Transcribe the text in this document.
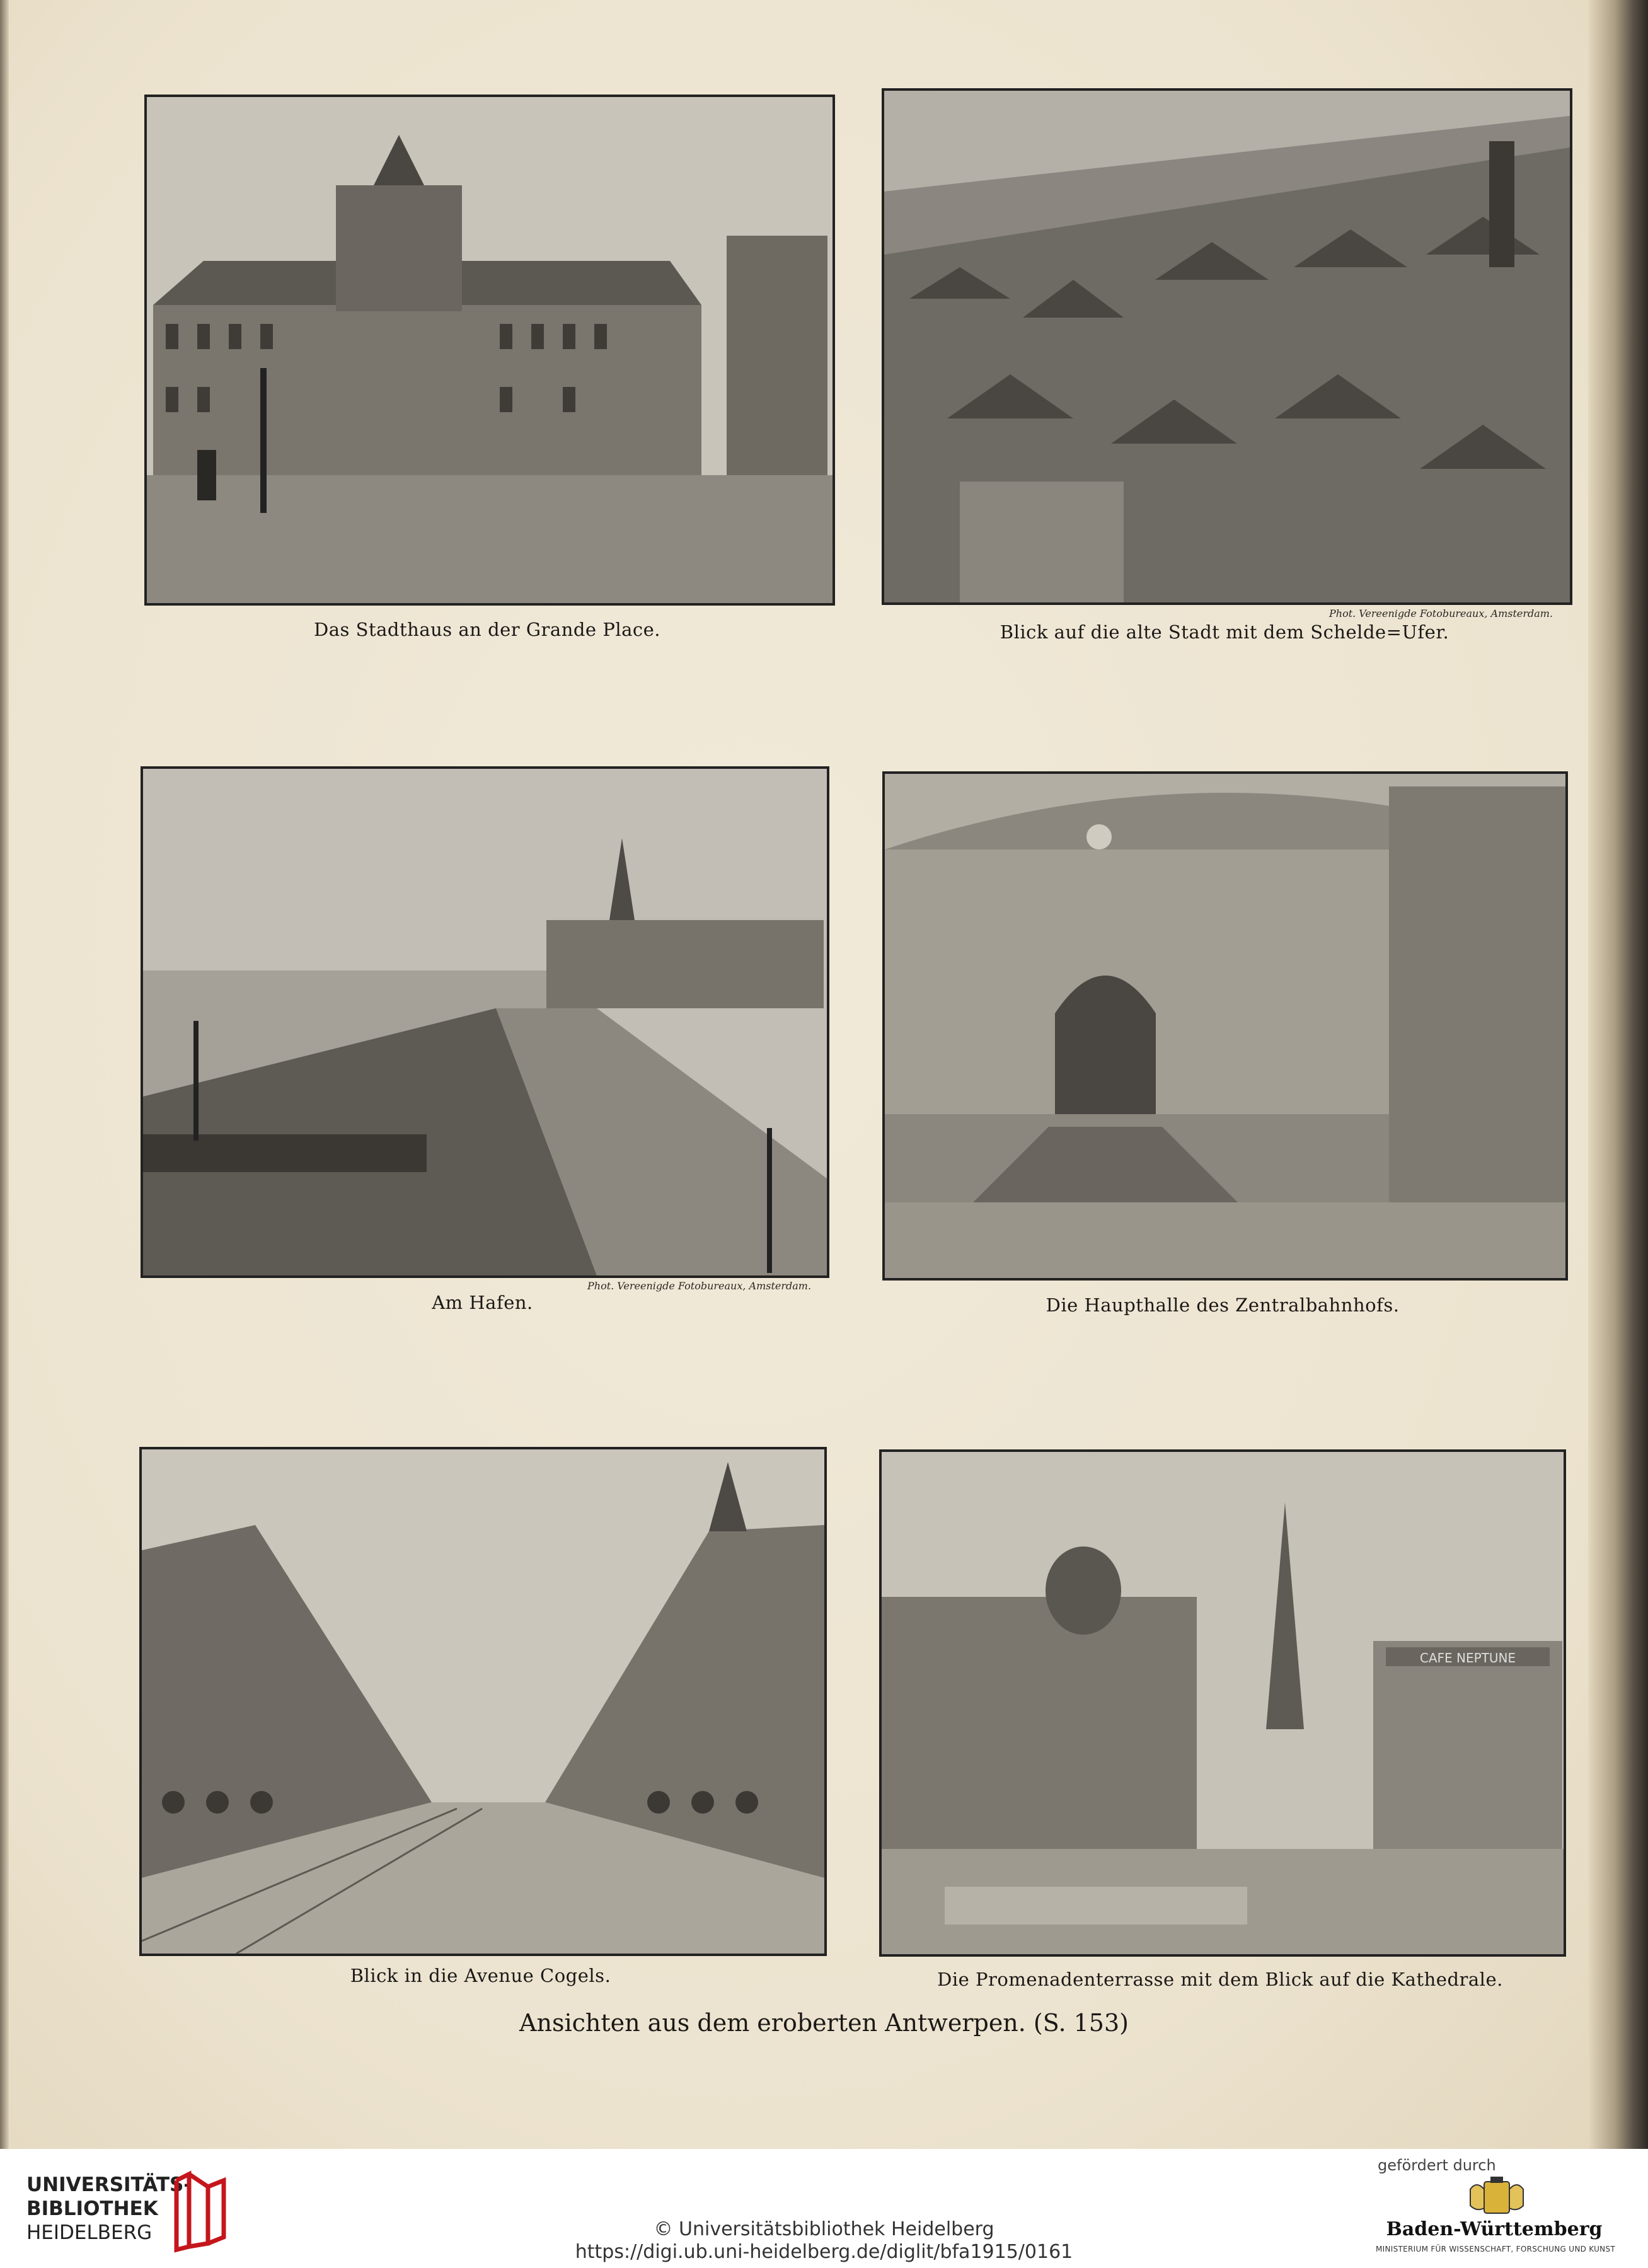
Das Stadthaus an der Grande Place.
Phot. Vereenigde Fotobureaux, Amsterdam.
Blick auf die alte Stadt mit dem Schelde=Ufer.
Phot. Vereenigde Fotobureaux, Amsterdam.
Am Hafen.	Die Haupthalle des Zentralbahnhofs.
Blick in die Avenue Cogels.
CAFE NEPTUNE
Die Promenadenterrasse mit dem Blick auf die Kathedrale.
Ansichten aus dem eroberten Antwerpen. (S. 153)
UNIVERSITÄTS-
BIBLIOTHEK
HEIDELBERG	© Universitätsbibliothek Heidelberg
https://digi.ub.uni-heidelberg.de/diglit/bfa1915/0161
gefördert durch
Baden-Württemberg
MINISTERIUM FÜR WISSENSCHAFT, FORSCHUNG UND KUNST
